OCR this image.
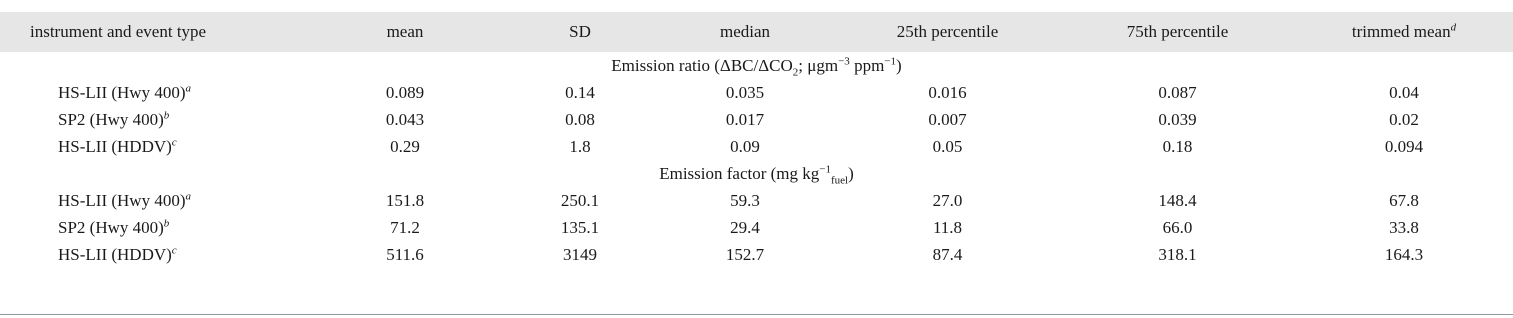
instrument and event type	mean	SD	median	25th percentile	75th percentile	trimmed mean$^d$
Emission ratio ($\Delta BC/\Delta CO_2$; μgm$^{-3}$ ppm$^{-1}$)						
HS-LII (Hwy 400)$^a$	0.089	0.14	0.035	0.016	0.087	0.04
SP2 (Hwy 400)$^b$	0.043	0.08	0.017	0.007	0.039	0.02
HS-LII (HDDV)$^c$	0.29	1.8	0.09	0.05	0.18	0.094
Emission factor (mg $kg^{-1}_{fuel}$)						
HS-LII (Hwy 400)$^a$	151.8	250.1	59.3	27.0	148.4	67.8
SP2 (Hwy 400)$^b$	71.2	135.1	29.4	11.8	66.0	33.8
HS-LII (HDDV)$^c$	511.6	3149	152.7	87.4	318.1	164.3
